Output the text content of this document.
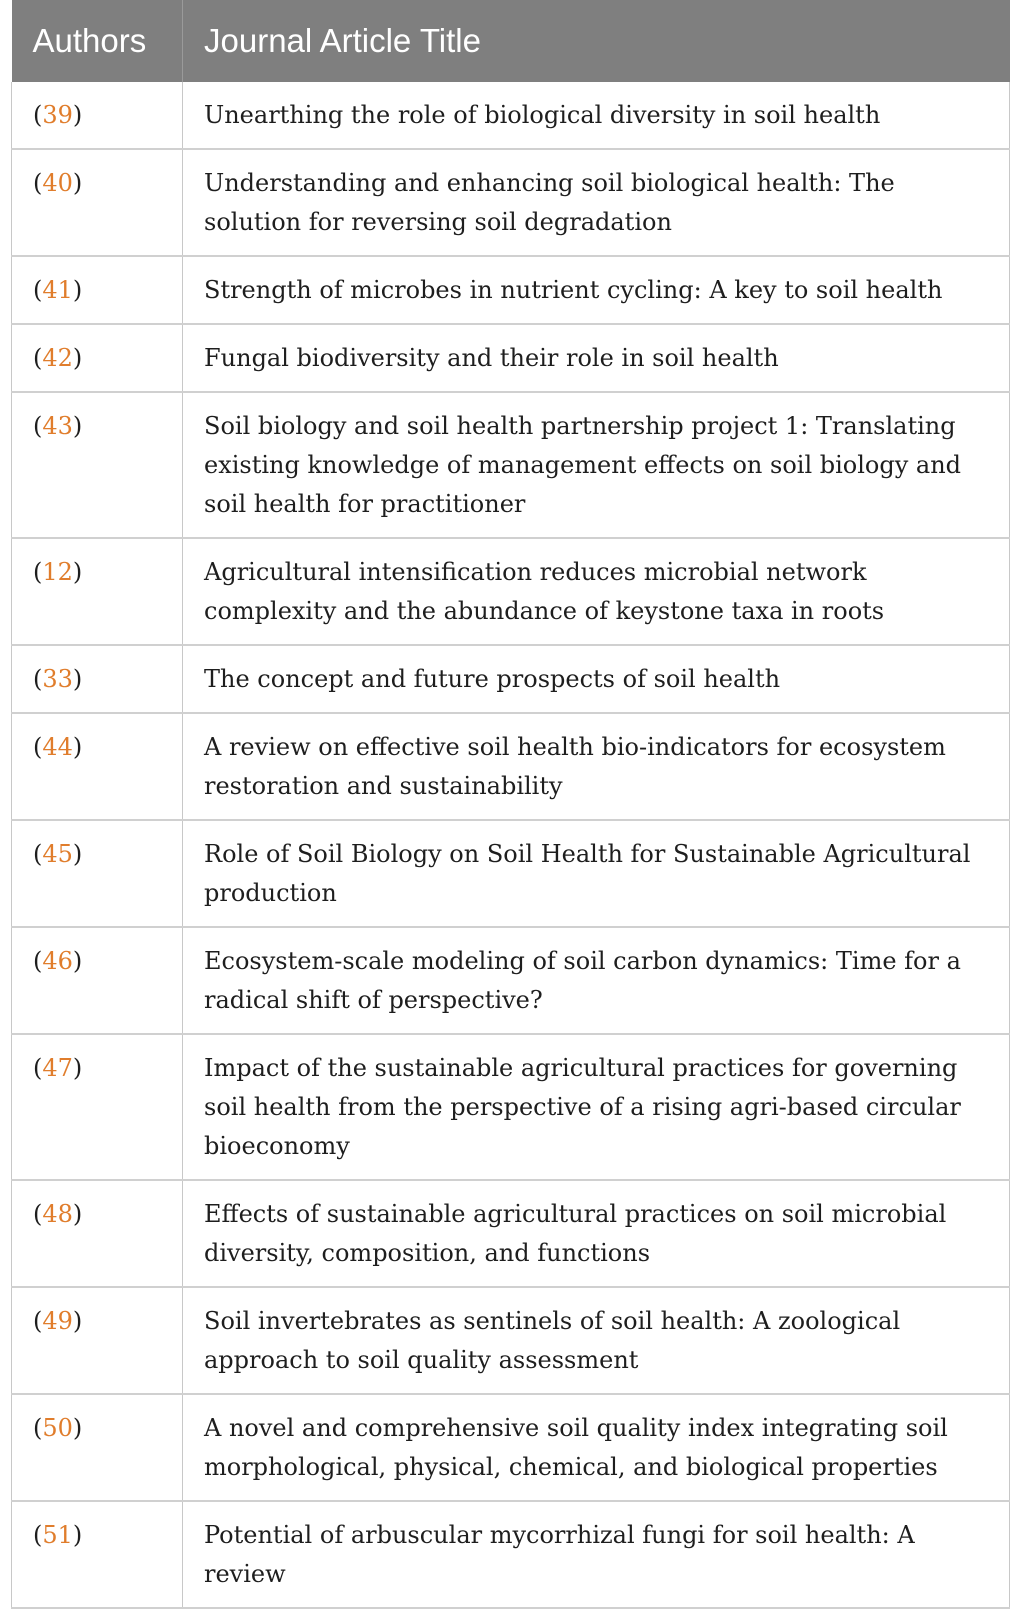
Authors	Journal Article Title
(39)	Unearthing the role of biological diversity in soil health
(40)	Understanding and enhancing soil biological health: The solution for reversing soil degradation
(41)	Strength of microbes in nutrient cycling: A key to soil health
(42)	Fungal biodiversity and their role in soil health
(43)	Soil biology and soil health partnership project 1: Translating existing knowledge of management effects on soil biology and soil health for practitioner
(12)	Agricultural intensification reduces microbial network complexity and the abundance of keystone taxa in roots
(33)	The concept and future prospects of soil health
(44)	A review on effective soil health bio-indicators for ecosystem restoration and sustainability
(45)	Role of Soil Biology on Soil Health for Sustainable Agricultural production
(46)	Ecosystem-scale modeling of soil carbon dynamics: Time for a radical shift of perspective?
(47)	Impact of the sustainable agricultural practices for governing soil health from the perspective of a rising agri-based circular bioeconomy
(48)	Effects of sustainable agricultural practices on soil microbial diversity, composition, and functions
(49)	Soil invertebrates as sentinels of soil health: A zoological approach to soil quality assessment
(50)	A novel and comprehensive soil quality index integrating soil morphological, physical, chemical, and biological properties
(51)	Potential of arbuscular mycorrhizal fungi for soil health: A review
